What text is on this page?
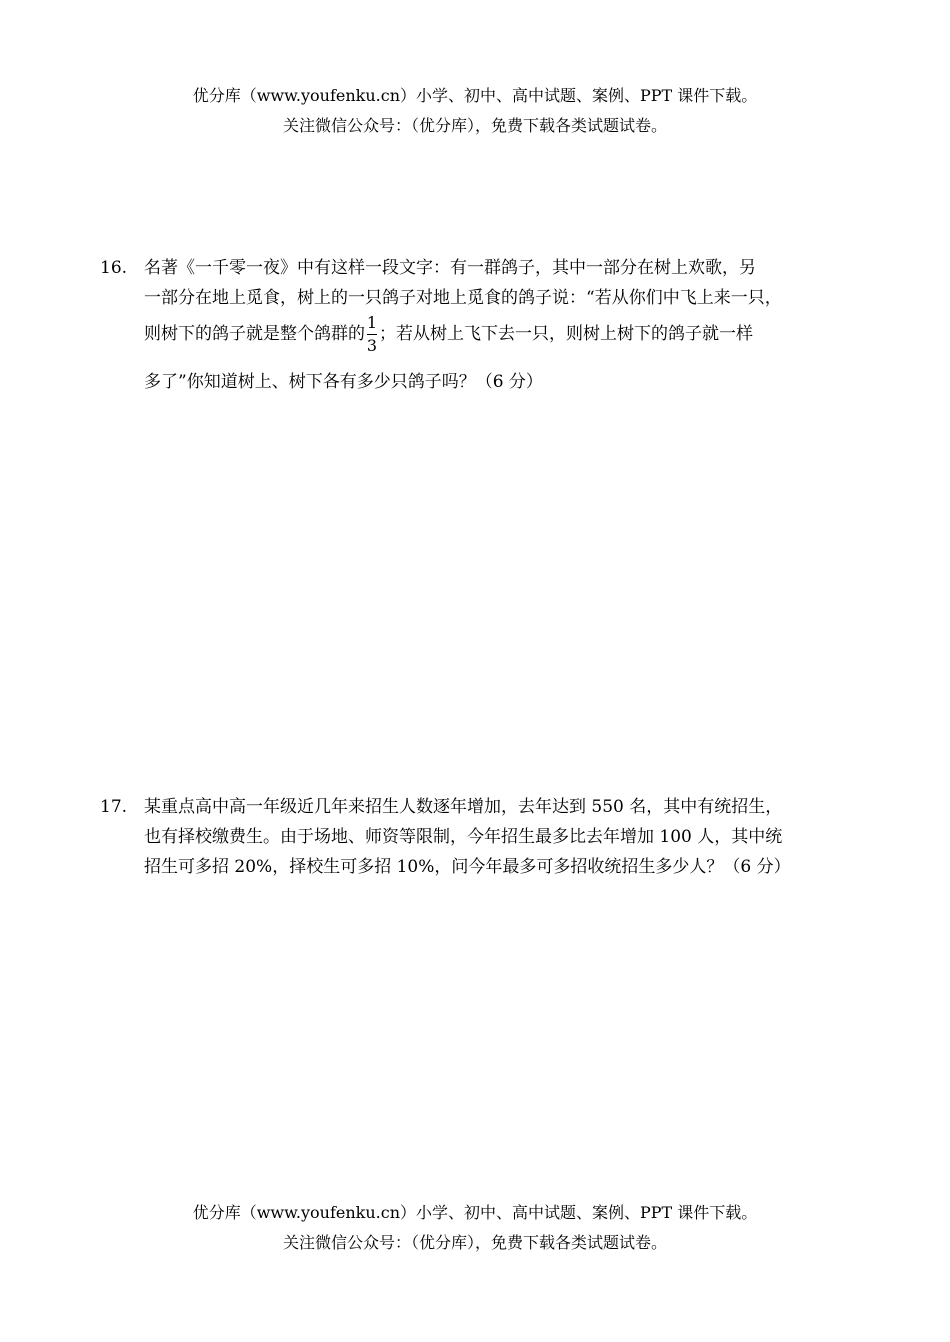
优分库（www.youfenku.cn）小学、初中、高中试题、案例、PPT 课件下载。
关注微信公众号：（优分库），免费下载各类试题试卷。
16. 名著《一千零一夜》中有这样一段文字：有一群鸽子，其中一部分在树上欢歌，另
一部分在地上觅食，树上的一只鸽子对地上觅食的鸽子说：“若从你们中飞上来一只，
则树下的鸽子就是整个鸽群的 $\frac{1}{3}$ ；若从树上飞下去一只，则树上树下的鸽子就一样
多了”你知道树上、树下各有多少只鸽子吗？（6 分）
17. 某重点高中高一年级近几年来招生人数逐年增加，去年达到 550 名，其中有统招生，
也有择校缴费生。由于场地、师资等限制，今年招生最多比去年增加 100 人，其中统
招生可多招 20%，择校生可多招 10%，问今年最多可多招收统招生多少人？（6 分）
优分库（www.youfenku.cn）小学、初中、高中试题、案例、PPT 课件下载。
关注微信公众号：（优分库），免费下载各类试题试卷。
